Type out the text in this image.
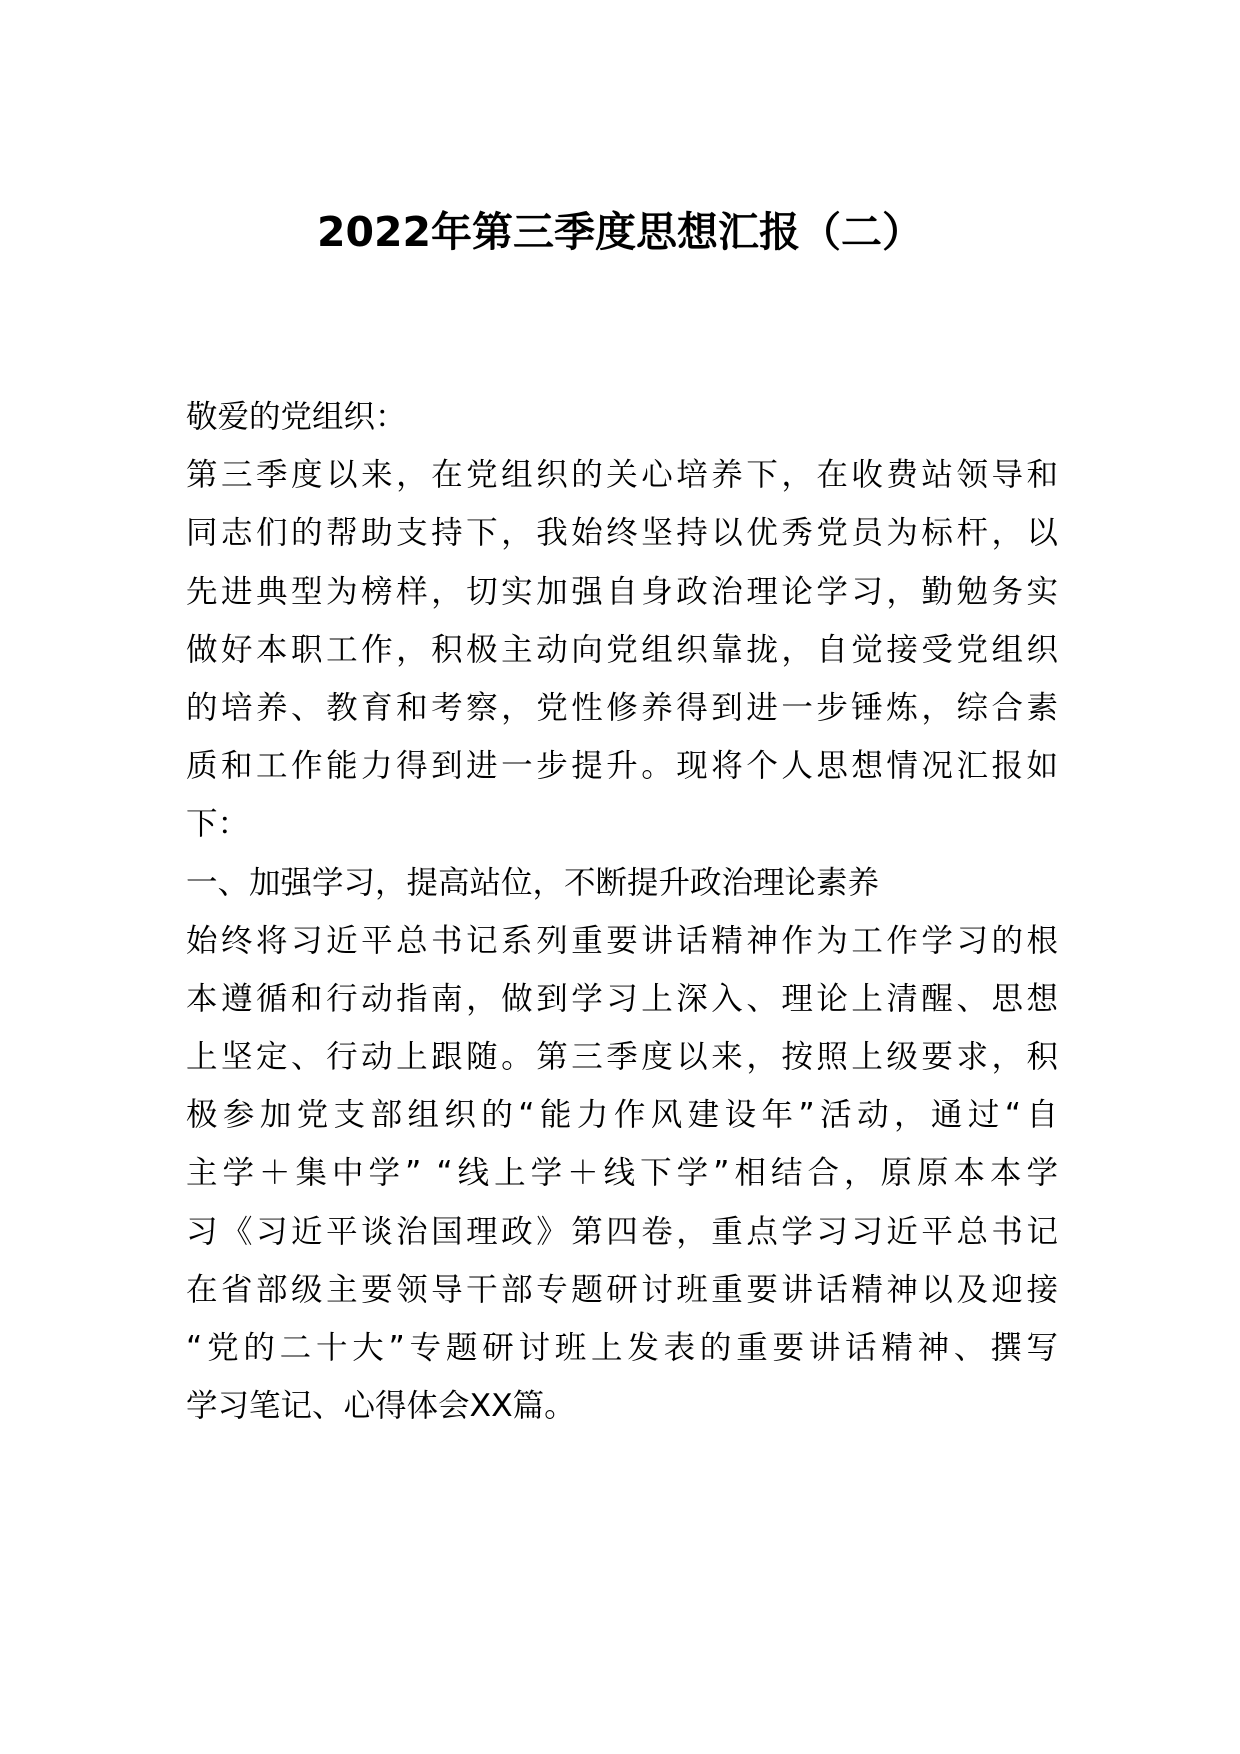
2022年第三季度思想汇报（二）
敬爱的党组织：
第三季度以来，在党组织的关心培养下，在收费站领导和
同志们的帮助支持下，我始终坚持以优秀党员为标杆，以
先进典型为榜样，切实加强自身政治理论学习，勤勉务实
做好本职工作，积极主动向党组织靠拢，自觉接受党组织
的培养、教育和考察，党性修养得到进一步锤炼，综合素
质和工作能力得到进一步提升。现将个人思想情况汇报如
下：
一、加强学习，提高站位，不断提升政治理论素养
始终将习近平总书记系列重要讲话精神作为工作学习的根
本遵循和行动指南，做到学习上深入、理论上清醒、思想
上坚定、行动上跟随。第三季度以来，按照上级要求，积
极参加党支部组织的“能力作风建设年”活动，通过“自
主学＋集中学” “线上学＋线下学”相结合，原原本本学
习《习近平谈治国理政》第四卷，重点学习习近平总书记
在省部级主要领导干部专题研讨班重要讲话精神以及迎接
“党的二十大”专题研讨班上发表的重要讲话精神、撰写
学习笔记、心得体会XX篇。
